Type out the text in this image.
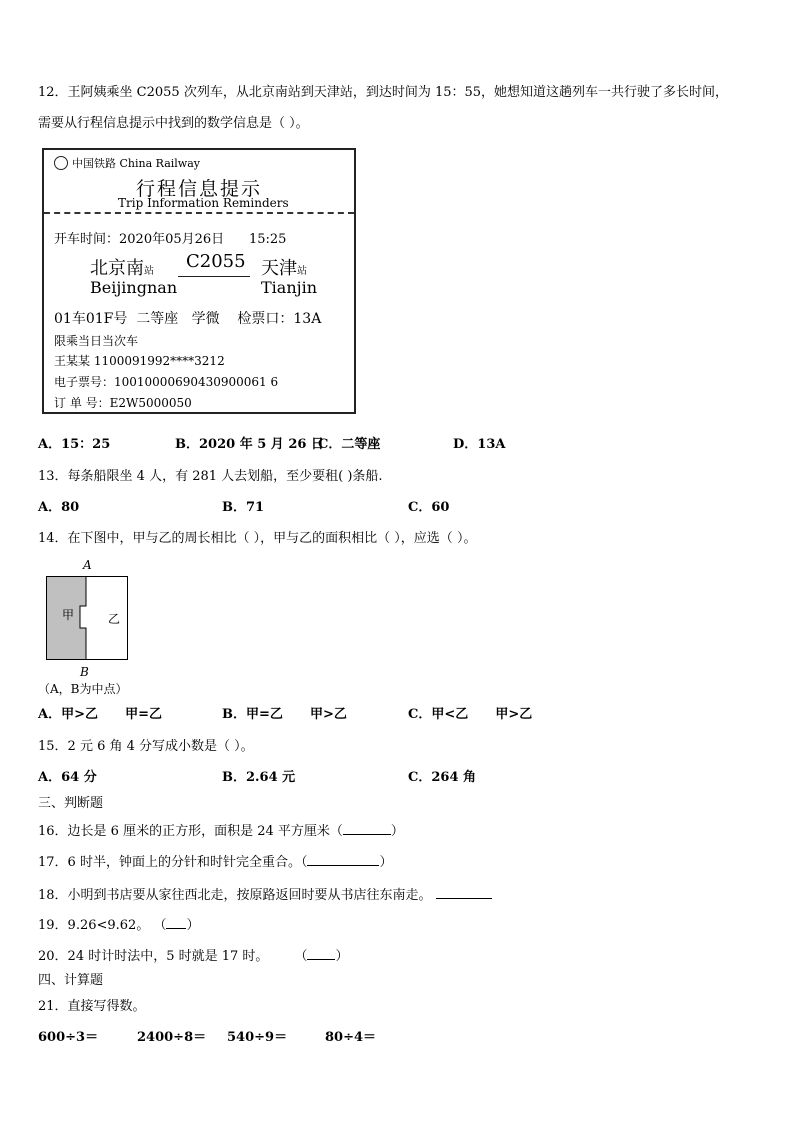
12．王阿姨乘坐 C2055 次列车，从北京南站到天津站，到达时间为 15：55，她想知道这趟列车一共行驶了多长时间，
需要从行程信息提示中找到的数学信息是（ ）。
中国铁路 China Railway
行程信息提示
Trip Information Reminders
开车时间：2020年05月26日      15:25
北京南站 C2055 天津站
Beijingnan	Tianjin
01车01F号  二等座   学微    检票口：13A
限乘当日当次车
王某某 1100091992****3212
电子票号：10010000690430900061 6
订 单 号：E2W5000050
A．15：25	B．2020 年 5 月 26 日
C．二等座	D．13A
13．每条船限坐 4 人，有 281 人去划船，至少要租( )条船.
A．80	B．71	C．60
14．在下图中，甲与乙的周长相比（ ），甲与乙的面积相比（ ），应选（ ）。
A
甲	乙
B
（A，B为中点）
A．甲>乙      甲=乙	B．甲=乙      甲>乙	C．甲<乙      甲>乙
15．2 元 6 角 4 分写成小数是（ ）。
A．64 分	B．2.64 元	C．264 角
三、判断题
16．边长是 6 厘米的正方形，面积是 24 平方厘米（	）
17．6 时半，钟面上的分针和时针完全重合。（	）
18．小明到书店要从家往西北走，按原路返回时要从书店往东南走。
19．9.26<9.62。 （ ）
20．24 时计时法中，5 时就是 17 时。 （ ）
四、计算题
21．直接写得数。
600÷3＝	2400÷8＝ 540÷9＝	80÷4＝
